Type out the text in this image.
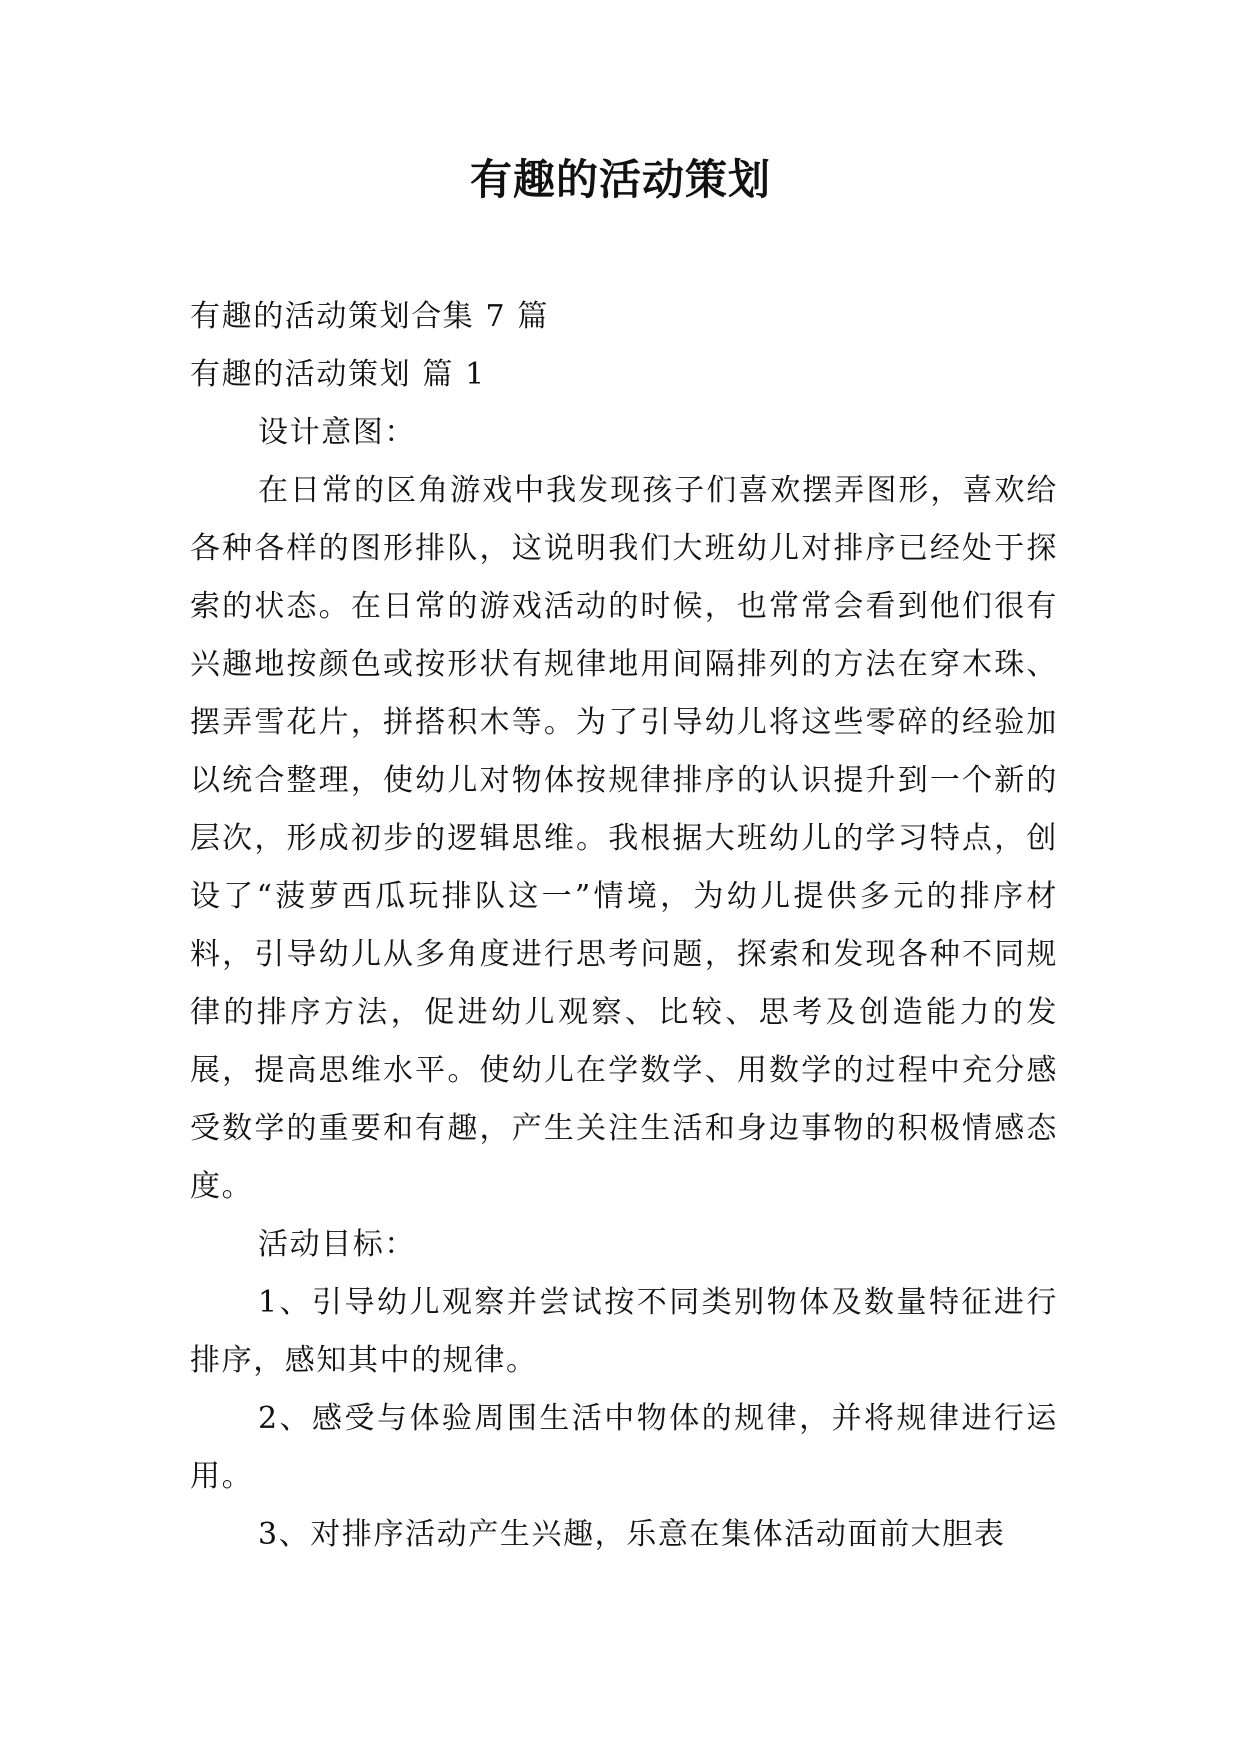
有趣的活动策划

有趣的活动策划合集 7 篇

有趣的活动策划 篇 1

设计意图：

在日常的区角游戏中我发现孩子们喜欢摆弄图形，喜欢给各种各样的图形排队，这说明我们大班幼儿对排序已经处于探索的状态。在日常的游戏活动的时候，也常常会看到他们很有兴趣地按颜色或按形状有规律地用间隔排列的方法在穿木珠、摆弄雪花片，拼搭积木等。为了引导幼儿将这些零碎的经验加以统合整理，使幼儿对物体按规律排序的认识提升到一个新的层次，形成初步的逻辑思维。我根据大班幼儿的学习特点，创设了“菠萝西瓜玩排队这一”情境，为幼儿提供多元的排序材料，引导幼儿从多角度进行思考问题，探索和发现各种不同规律的排序方法，促进幼儿观察、比较、思考及创造能力的发展，提高思维水平。使幼儿在学数学、用数学的过程中充分感受数学的重要和有趣，产生关注生活和身边事物的积极情感态度。

活动目标：

1、引导幼儿观察并尝试按不同类别物体及数量特征进行排序，感知其中的规律。

2、感受与体验周围生活中物体的规律，并将规律进行运用。

3、对排序活动产生兴趣，乐意在集体活动面前大胆表
